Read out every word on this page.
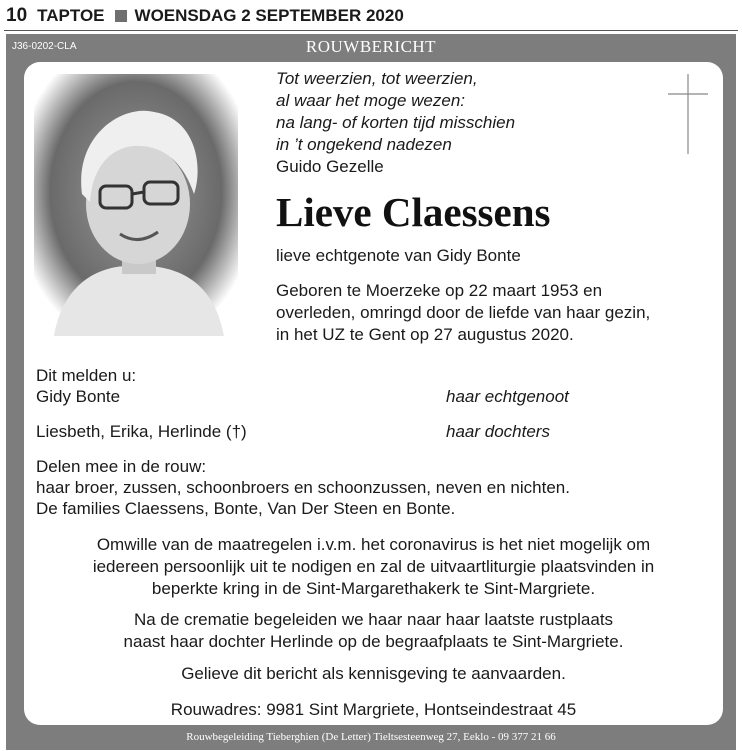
10 TAPTOE WOENSDAG 2 SEPTEMBER 2020
J36-0202-CLA	ROUWBERICHT
Rouwbegeleiding Tieberghien (De Letter) Tieltsesteenweg 27, Eeklo - 09 377 21 66
Tot weerzien, tot weerzien,
al waar het moge wezen:
na lang- of korten tijd misschien
in ’t ongekend nadezen
Guido Gezelle
Lieve Claessens
lieve echtgenote van Gidy Bonte
Geboren te Moerzeke op 22 maart 1953 en
overleden, omringd door de liefde van haar gezin,
in het UZ te Gent op 27 augustus 2020.
Dit melden u:
Gidy Bonte	haar echtgenoot
Liesbeth, Erika, Herlinde (†)	haar dochters
Delen mee in de rouw:
haar broer, zussen, schoonbroers en schoonzussen, neven en nichten.
De families Claessens, Bonte, Van Der Steen en Bonte.
Omwille van de maatregelen i.v.m. het coronavirus is het niet mogelijk om
iedereen persoonlijk uit te nodigen en zal de uitvaartliturgie plaatsvinden in
beperkte kring in de Sint-Margarethakerk te Sint-Margriete.
Na de crematie begeleiden we haar naar haar laatste rustplaats
naast haar dochter Herlinde op de begraafplaats te Sint-Margriete.
Gelieve dit bericht als kennisgeving te aanvaarden.
Rouwadres: 9981 Sint Margriete, Hontseindestraat 45
